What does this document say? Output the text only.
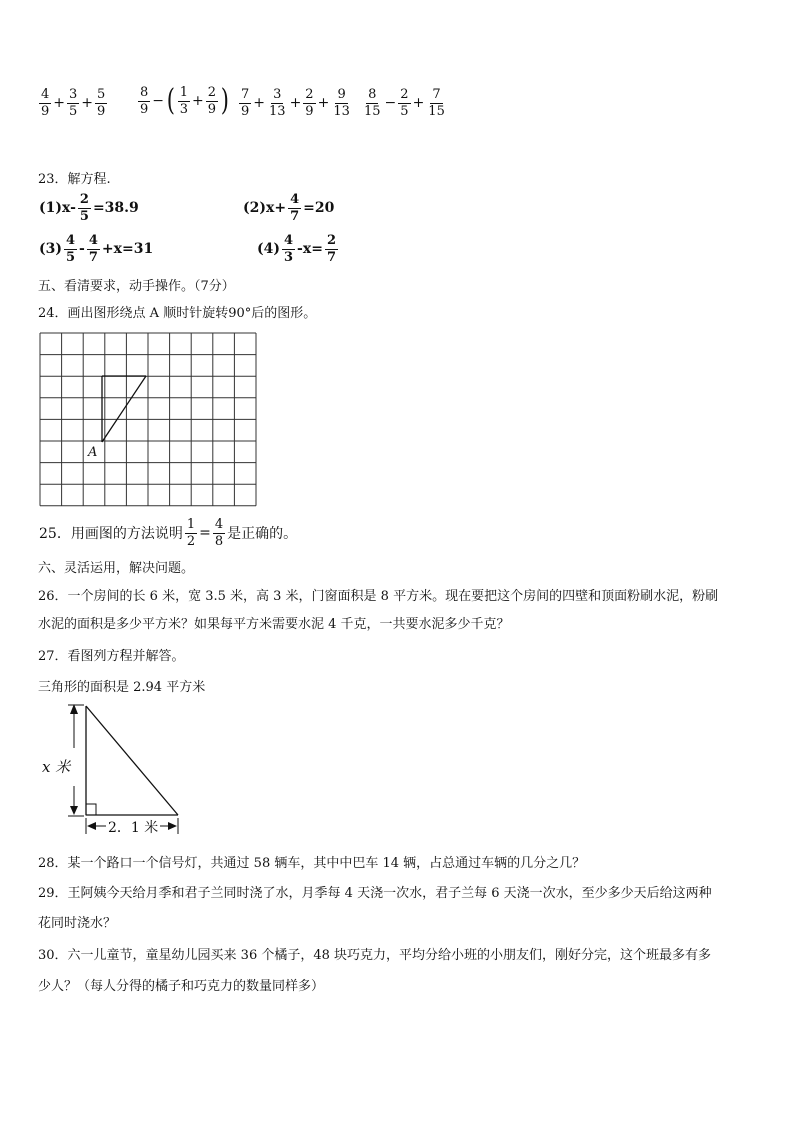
$\frac{4}{9} + \frac{3}{5} + \frac{5}{9} \frac{8}{9}$ −( $\frac{1}{3} + \frac{2}{9}$ ) $\frac{7}{9} + \frac{3}{13} + \frac{2}{9} + \frac{9}{13} \frac{8}{15} - \frac{2}{5} + \frac{7}{15}$
23．解方程.
$(1)x- \frac{2}{5} =38.9$	$(2)x+ \frac{4}{7} =20$
$(3) \frac{4}{5} - \frac{4}{7} +x=31$	$(4) \frac{4}{3} -x= \frac{2}{7}$
五、看清要求，动手操作。（7分）
24．画出图形绕点 A 顺时针旋转90°后的图形。
A
25．用画图的方法说明 $\frac{1}{2} = \frac{4}{8}$ 是正确的。
六、灵活运用，解决问题。
26．一个房间的长 6 米，宽 3.5 米，高 3 米，门窗面积是 8 平方米。现在要把这个房间的四壁和顶面粉刷水泥，粉刷
水泥的面积是多少平方米？如果每平方米需要水泥 4 千克，一共要水泥多少千克？
27．看图列方程并解答。
三角形的面积是 2.94 平方米
x 米
2．1 米
28．某一个路口一个信号灯，共通过 58 辆车，其中中巴车 14 辆，占总通过车辆的几分之几？
29．王阿姨今天给月季和君子兰同时浇了水，月季每 4 天浇一次水，君子兰每 6 天浇一次水，至少多少天后给这两种
花同时浇水？
30．六一儿童节，童星幼儿园买来 36 个橘子，48 块巧克力，平均分给小班的小朋友们，刚好分完，这个班最多有多
少人？（每人分得的橘子和巧克力的数量同样多）
